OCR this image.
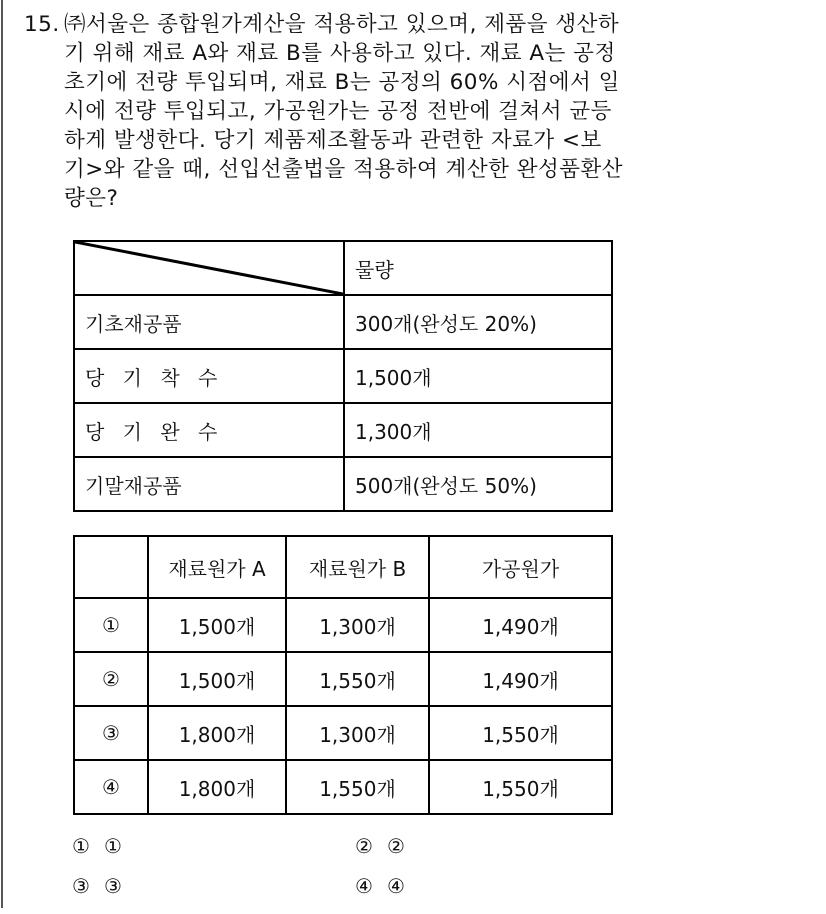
15. ㈜서울은 종합원가계산을 적용하고 있으며, 제품을 생산하
기 위해 재료 A와 재료 B를 사용하고 있다. 재료 A는 공정
초기에 전량 투입되며, 재료 B는 공정의 60% 시점에서 일
시에 전량 투입되고, 가공원가는 공정 전반에 걸쳐서 균등
하게 발생한다. 당기 제품제조활동과 관련한 자료가 <보
기>와 같을 때, 선입선출법을 적용하여 계산한 완성품환산
량은?
	물량
기초재공품	300개(완성도 20%)
당 기 착 수	1,500개
당 기 완 수	1,300개
기말재공품	500개(완성도 50%)
	재료원가 A	재료원가 B	가공원가
①	1,500개	1,300개	1,490개
②	1,500개	1,550개	1,490개
③	1,800개	1,300개	1,550개
④	1,800개	1,550개	1,550개
① ①	② ②
③ ③	④ ④
